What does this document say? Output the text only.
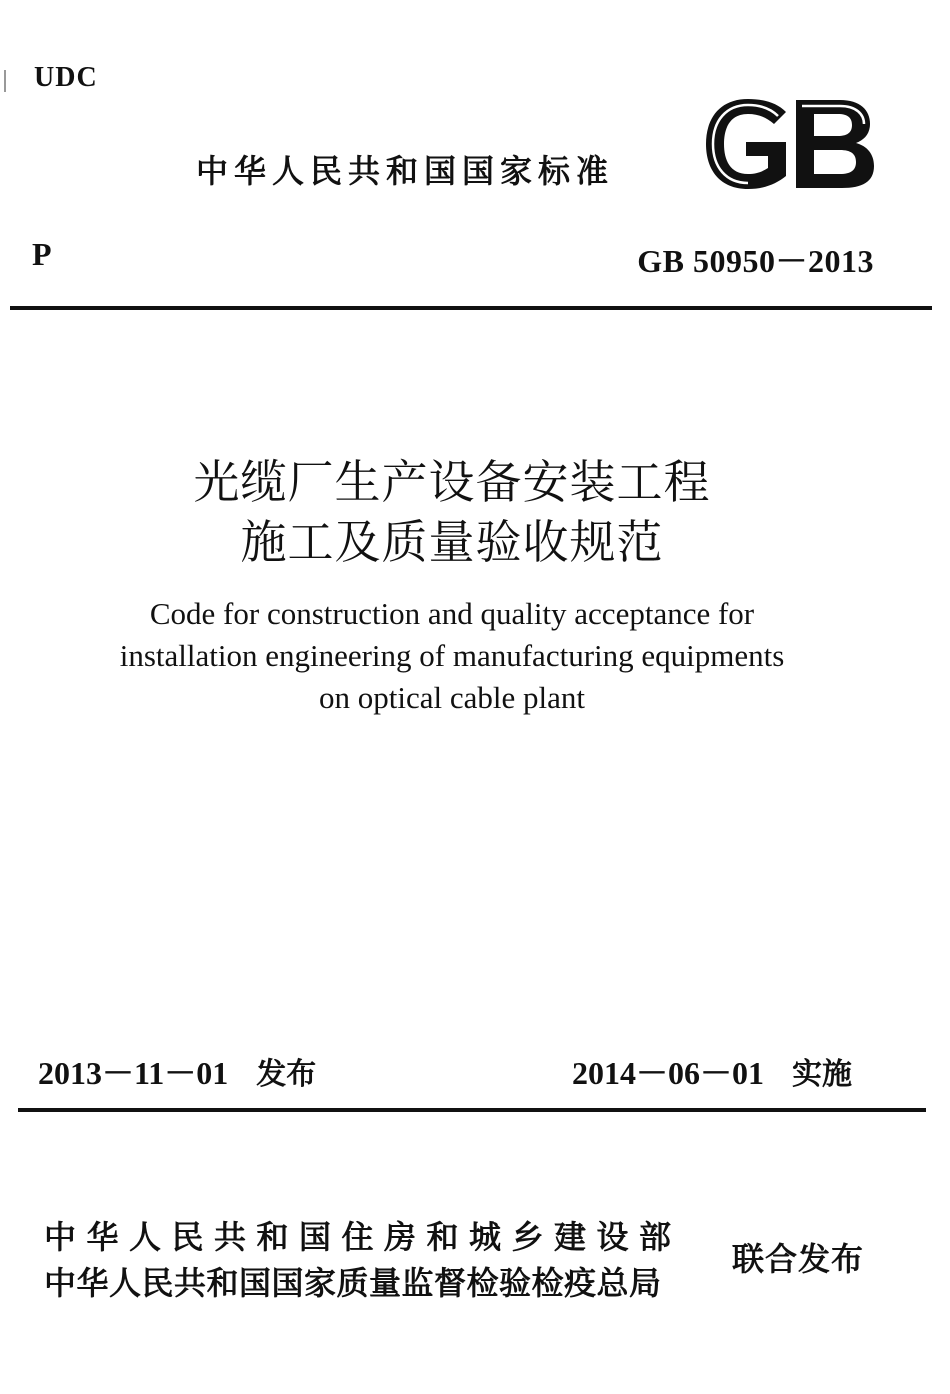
UDC
中华人民共和国国家标准
P	GB 50950－2013
光缆厂生产设备安装工程
施工及质量验收规范
Code for construction and quality acceptance for
installation engineering of manufacturing equipments
on optical cable plant
2013－11－01 发布	2014－06－01 实施
中华人民共和国住房和城乡建设部
中华人民共和国国家质量监督检验检疫总局
联合发布
